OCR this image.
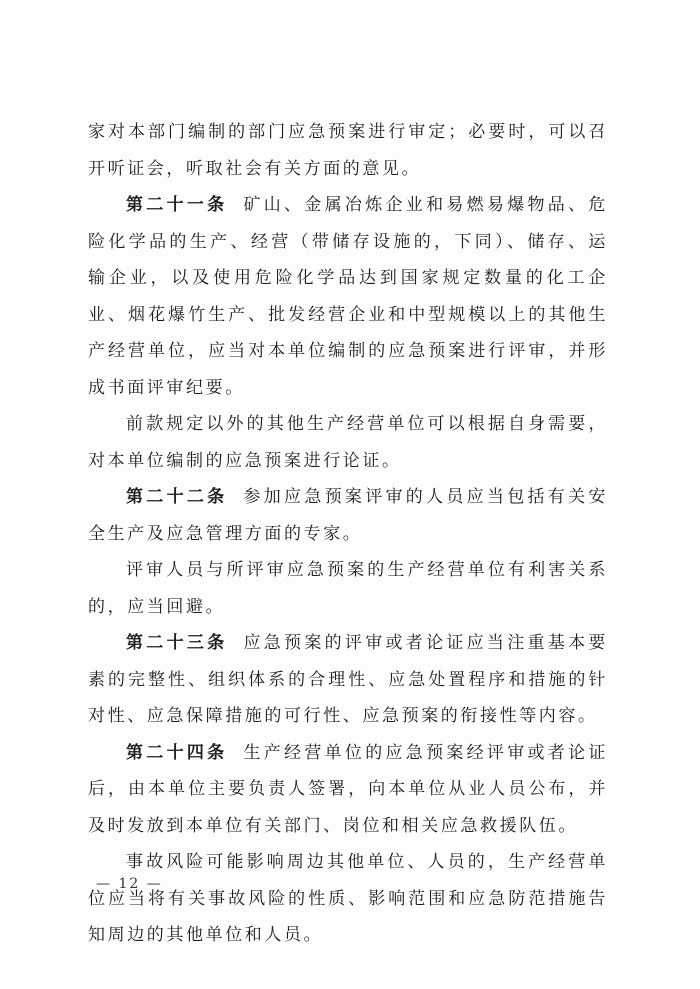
家对本部门编制的部门应急预案进行审定；必要时，可以召开听证会，听取社会有关方面的意见。

第二十一条 矿山、金属冶炼企业和易燃易爆物品、危险化学品的生产、经营（带储存设施的，下同）、储存、运输企业，以及使用危险化学品达到国家规定数量的化工企业、烟花爆竹生产、批发经营企业和中型规模以上的其他生产经营单位，应当对本单位编制的应急预案进行评审，并形成书面评审纪要。

前款规定以外的其他生产经营单位可以根据自身需要，对本单位编制的应急预案进行论证。

第二十二条 参加应急预案评审的人员应当包括有关安全生产及应急管理方面的专家。

评审人员与所评审应急预案的生产经营单位有利害关系的，应当回避。

第二十三条 应急预案的评审或者论证应当注重基本要素的完整性、组织体系的合理性、应急处置程序和措施的针对性、应急保障措施的可行性、应急预案的衔接性等内容。

第二十四条 生产经营单位的应急预案经评审或者论证后，由本单位主要负责人签署，向本单位从业人员公布，并及时发放到本单位有关部门、岗位和相关应急救援队伍。

事故风险可能影响周边其他单位、人员的，生产经营单位应当将有关事故风险的性质、影响范围和应急防范措施告知周边的其他单位和人员。

— 12 —
